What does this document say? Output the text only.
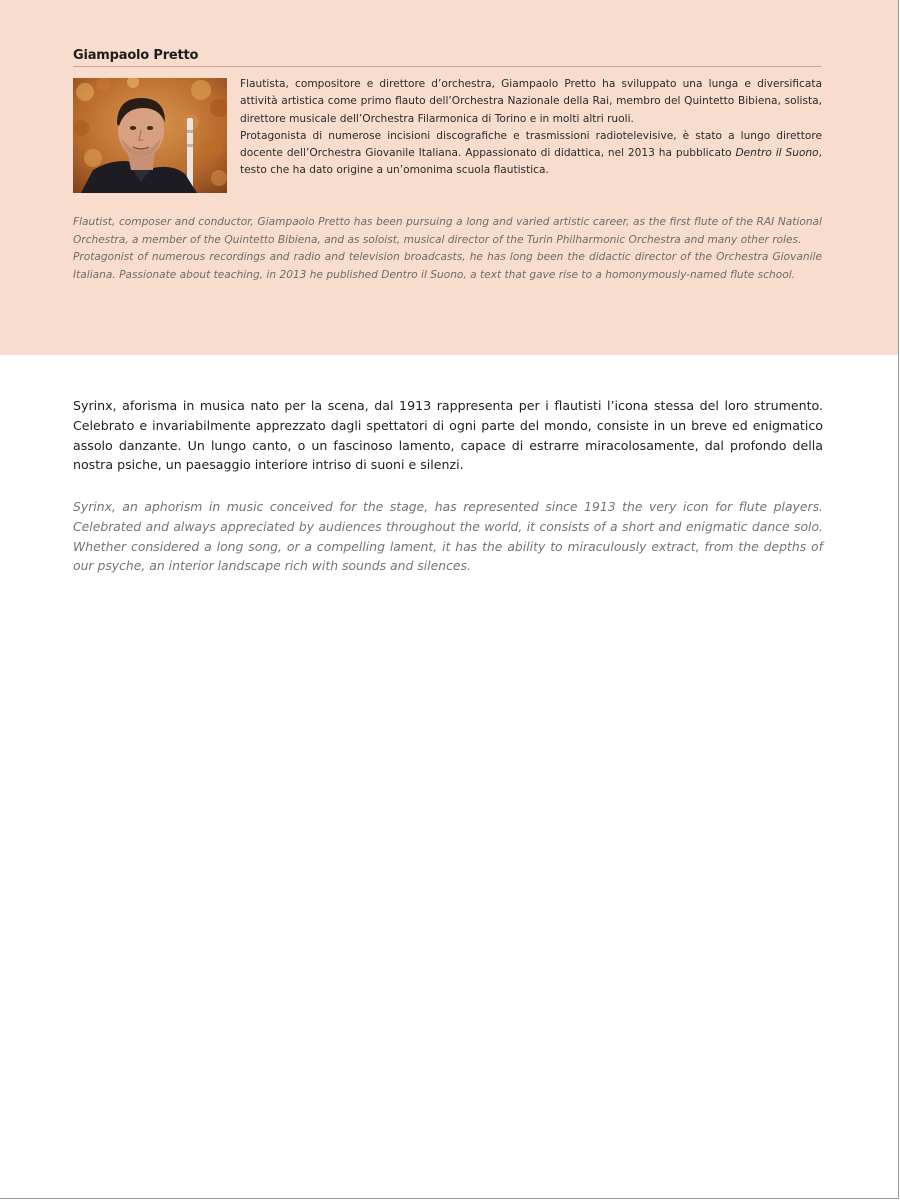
Giampaolo Pretto

Flautista, compositore e direttore d’orchestra, Giampaolo Pretto ha sviluppato una lunga e diversificata attività artistica come primo flauto dell’Orchestra Nazionale della Rai, membro del Quintetto Bibiena, solista, direttore musicale dell’Orchestra Filarmonica di Torino e in molti altri ruoli.

Protagonista di numerose incisioni discografiche e trasmissioni radiotelevisive, è stato a lungo direttore docente dell’Orchestra Giovanile Italiana. Appassionato di didattica, nel 2013 ha pubblicato Dentro il Suono, testo che ha dato origine a un’omonima scuola flautistica.

Flautist, composer and conductor, Giampaolo Pretto has been pursuing a long and varied artistic career, as the first flute of the RAI National Orchestra, a member of the Quintetto Bibiena, and as soloist, musical director of the Turin Philharmonic Orchestra and many other roles.

Protagonist of numerous recordings and radio and television broadcasts, he has long been the didactic director of the Orchestra Giovanile Italiana. Passionate about teaching, in 2013 he published Dentro il Suono, a text that gave rise to a homonymously-named flute school.

Syrinx, aforisma in musica nato per la scena, dal 1913 rappresenta per i flautisti l’icona stessa del loro strumento. Celebrato e invariabilmente apprezzato dagli spettatori di ogni parte del mondo, consiste in un breve ed enigmatico assolo danzante. Un lungo canto, o un fascinoso lamento, capace di estrarre miracolosamente, dal profondo della nostra psiche, un paesaggio interiore intriso di suoni e silenzi.

Syrinx, an aphorism in music conceived for the stage, has represented since 1913 the very icon for flute players. Celebrated and always appreciated by audiences throughout the world, it consists of a short and enigmatic dance solo. Whether considered a long song, or a compelling lament, it has the ability to miraculously extract, from the depths of our psyche, an interior landscape rich with sounds and silences.
